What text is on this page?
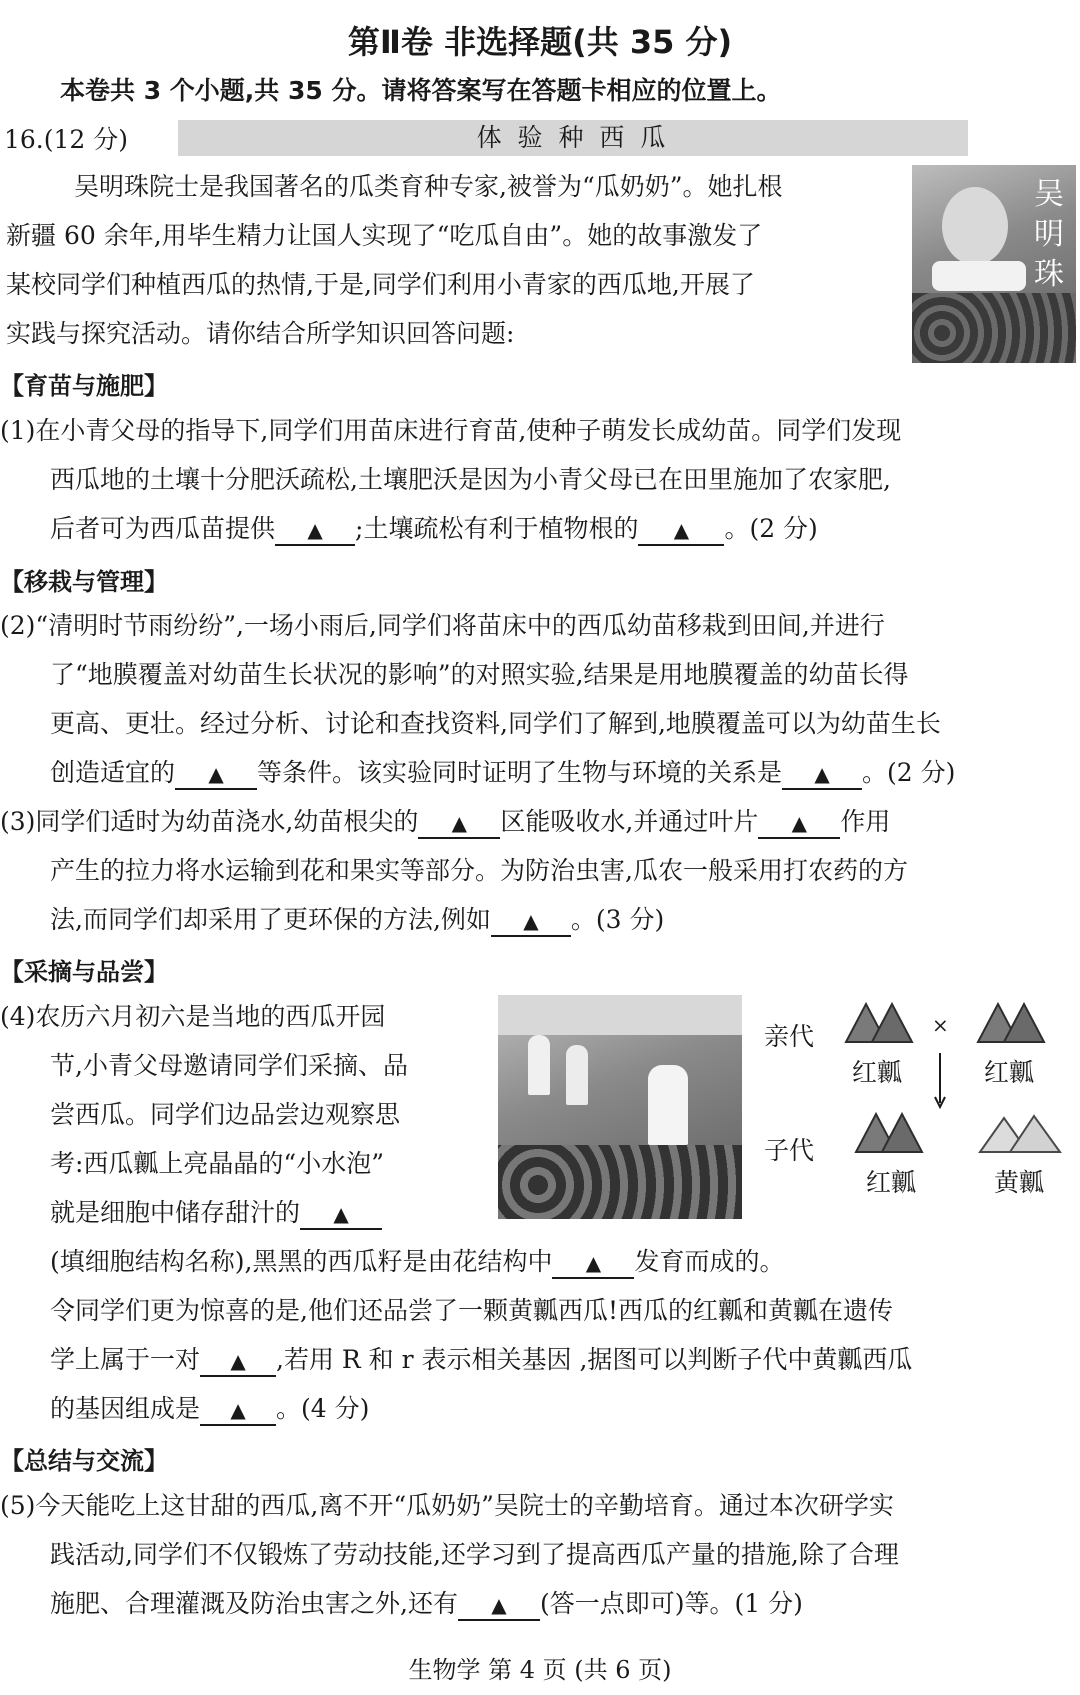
第Ⅱ卷 非选择题(共 35 分)
本卷共 3 个小题,共 35 分。请将答案写在答题卡相应的位置上。
16.(12 分)	体 验 种 西 瓜
吴明珠院士是我国著名的瓜类育种专家,被誉为“瓜奶奶”。她扎根
新疆 60 余年,用毕生精力让国人实现了“吃瓜自由”。她的故事激发了
某校同学们种植西瓜的热情,于是,同学们利用小青家的西瓜地,开展了
实践与探究活动。请你结合所学知识回答问题:
吴明珠
【育苗与施肥】
(1)在小青父母的指导下,同学们用苗床进行育苗,使种子萌发长成幼苗。同学们发现
西瓜地的土壤十分肥沃疏松,土壤肥沃是因为小青父母已在田里施加了农家肥,
后者可为西瓜苗提供 ▲	;土壤疏松有利于植物根的 ▲	。(2 分)
【移栽与管理】
(2)“清明时节雨纷纷”,一场小雨后,同学们将苗床中的西瓜幼苗移栽到田间,并进行
了“地膜覆盖对幼苗生长状况的影响”的对照实验,结果是用地膜覆盖的幼苗长得
更高、更壮。经过分析、讨论和查找资料,同学们了解到,地膜覆盖可以为幼苗生长
创造适宜的 ▲	等条件。该实验同时证明了生物与环境的关系是 ▲	。(2 分)
(3)同学们适时为幼苗浇水,幼苗根尖的 ▲	区能吸收水,并通过叶片 ▲	作用
产生的拉力将水运输到花和果实等部分。为防治虫害,瓜农一般采用打农药的方
法,而同学们却采用了更环保的方法,例如 ▲	。(3 分)
【采摘与品尝】
(4)农历六月初六是当地的西瓜开园
节,小青父母邀请同学们采摘、品
尝西瓜。同学们边品尝边观察思
考:西瓜瓤上亮晶晶的“小水泡”
就是细胞中储存甜汁的▲
亲代
子代
×
红瓤	红瓤
红瓤	黄瓤
(填细胞结构名称),黑黑的西瓜籽是由花结构中 ▲	发育而成的。
令同学们更为惊喜的是,他们还品尝了一颗黄瓤西瓜!西瓜的红瓤和黄瓤在遗传
学上属于一对 ▲	,若用 R 和 r 表示相关基因 ,据图可以判断子代中黄瓤西瓜
的基因组成是 ▲	。(4 分)
【总结与交流】
(5)今天能吃上这甘甜的西瓜,离不开“瓜奶奶”吴院士的辛勤培育。通过本次研学实
践活动,同学们不仅锻炼了劳动技能,还学习到了提高西瓜产量的措施,除了合理
施肥、合理灌溉及防治虫害之外,还有 ▲	(答一点即可)等。(1 分)
生物学 第 4 页 (共 6 页)
